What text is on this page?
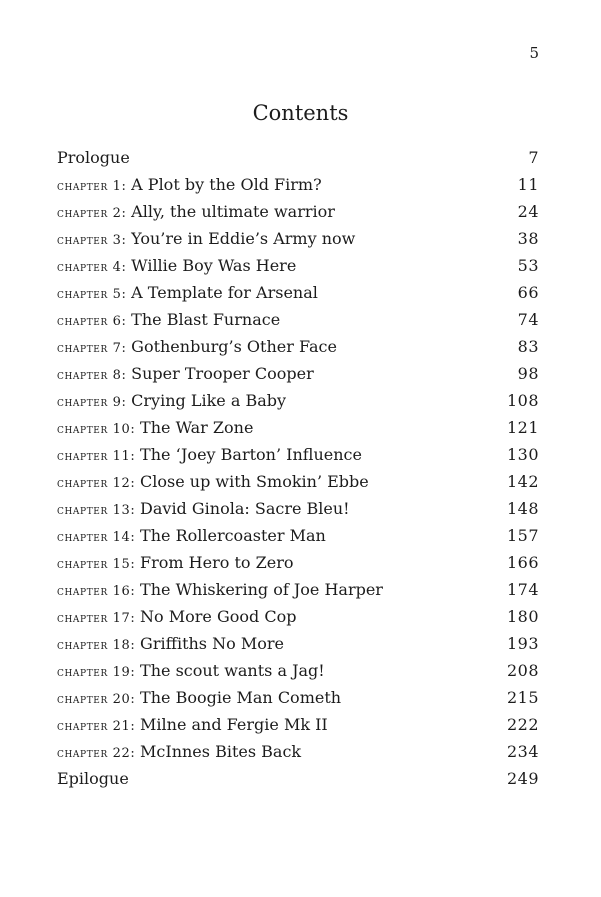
5
Contents
Prologue	7
chapter 1: A Plot by the Old Firm?	11
chapter 2: Ally, the ultimate warrior	24
chapter 3: You’re in Eddie’s Army now	38
chapter 4: Willie Boy Was Here	53
chapter 5: A Template for Arsenal	66
chapter 6: The Blast Furnace	74
chapter 7: Gothenburg’s Other Face	83
chapter 8: Super Trooper Cooper	98
chapter 9: Crying Like a Baby	108
chapter 10: The War Zone	121
chapter 11: The ‘Joey Barton’ Influence	130
chapter 12: Close up with Smokin’ Ebbe	142
chapter 13: David Ginola: Sacre Bleu!	148
chapter 14: The Rollercoaster Man	157
chapter 15: From Hero to Zero	166
chapter 16: The Whiskering of Joe Harper	174
chapter 17: No More Good Cop	180
chapter 18: Griffiths No More	193
chapter 19: The scout wants a Jag!	208
chapter 20: The Boogie Man Cometh	215
chapter 21: Milne and Fergie Mk II	222
chapter 22: McInnes Bites Back	234
Epilogue	249
